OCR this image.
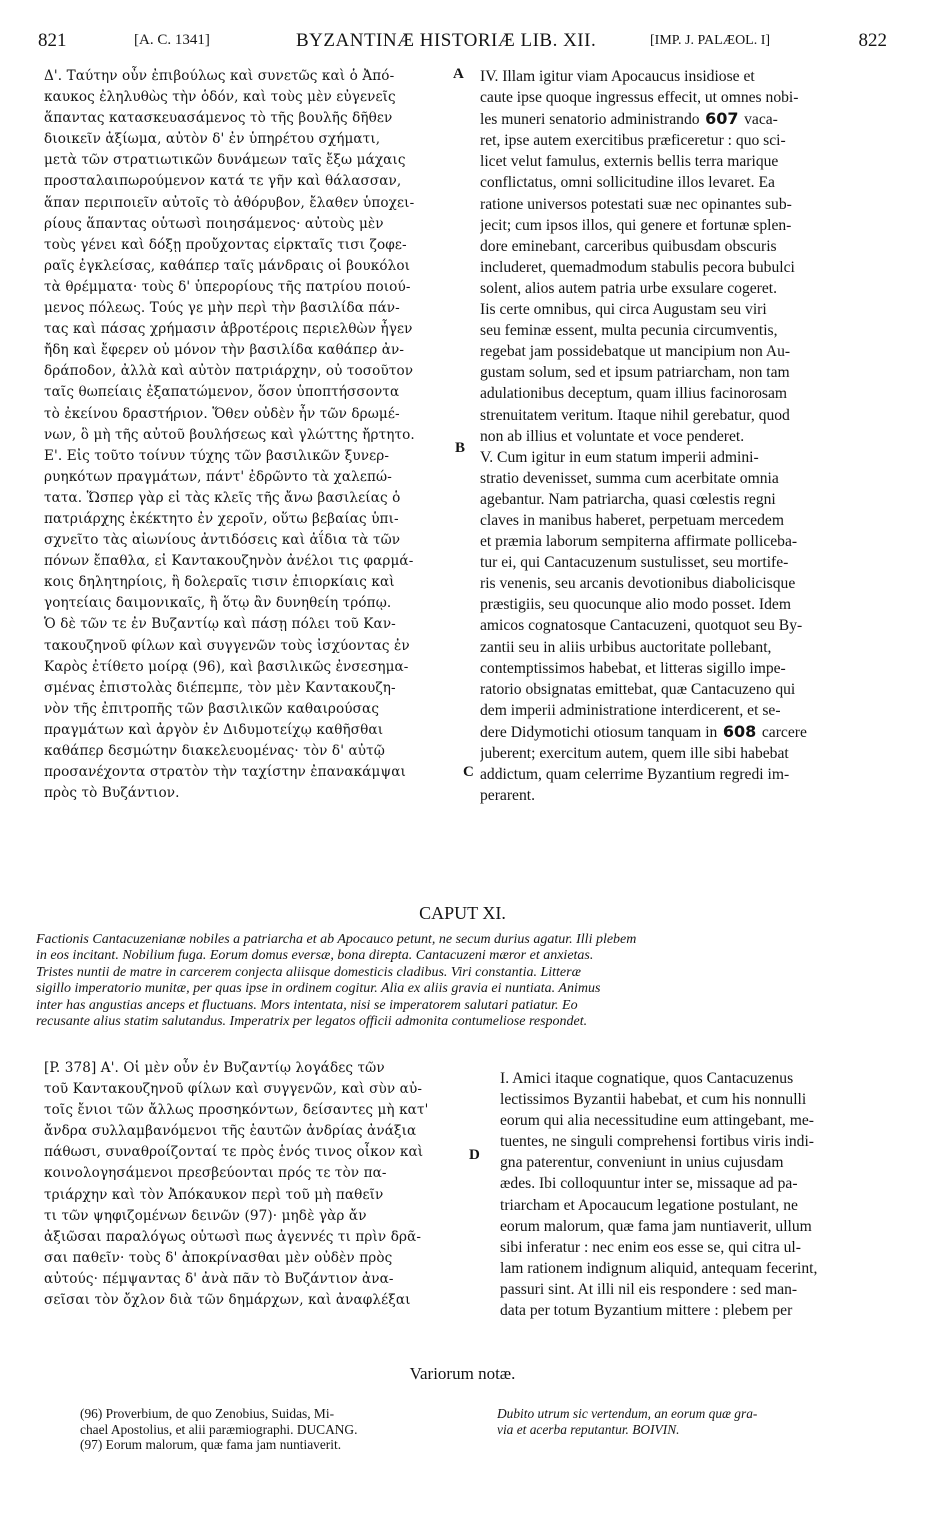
821	[A. C. 1341]	BYZANTINÆ HISTORIÆ LIB. XII.	[IMP. J. PALÆOL. I]	822
Δ'. Ταύτην οὖν ἐπιβούλως καὶ συνετῶς καὶ ὁ Ἀπό-
καυκος ἐληλυθὼς τὴν ὁδόν, καὶ τοὺς μὲν εὐγενεῖς
ἅπαντας κατασκευασάμενος τὸ τῆς βουλῆς δῆθεν
διοικεῖν ἀξίωμα, αὐτὸν δ' ἐν ὑπηρέτου σχήματι,
μετὰ τῶν στρατιωτικῶν δυνάμεων ταῖς ἔξω μάχαις
προσταλαιπωρούμενον κατά τε γῆν καὶ θάλασσαν,
ἅπαν περιποιεῖν αὐτοῖς τὸ ἀθόρυβον, ἔλαθεν ὑποχει-
ρίους ἅπαντας οὑτωσὶ ποιησάμενος· αὐτοὺς μὲν
τοὺς γένει καὶ δόξῃ προὔχοντας εἱρκταῖς τισι ζοφε-
ραῖς ἐγκλείσας, καθάπερ ταῖς μάνδραις οἱ βουκόλοι
τὰ θρέμματα· τοὺς δ' ὑπερορίους τῆς πατρίου ποιού-
μενος πόλεως. Τούς γε μὴν περὶ τὴν βασιλίδα πάν-
τας καὶ πάσας χρήμασιν ἁβροτέροις περιελθὼν ἦγεν
ἤδη καὶ ἔφερεν οὐ μόνον τὴν βασιλίδα καθάπερ ἀν-
δράποδον, ἀλλὰ καὶ αὐτὸν πατριάρχην, οὐ τοσοῦτον
ταῖς θωπείαις ἐξαπατώμενον, ὅσον ὑποπτήσσοντα
τὸ ἐκείνου δραστήριον. Ὅθεν οὐδὲν ἦν τῶν δρωμέ-
νων, ὃ μὴ τῆς αὐτοῦ βουλήσεως καὶ γλώττης ἤρτητο.
Ε'. Εἰς τοῦτο τοίνυν τύχης τῶν βασιλικῶν ξυνερ-
ρυηκότων πραγμάτων, πάντ' ἐδρῶντο τὰ χαλεπώ-
τατα. Ὥσπερ γὰρ εἰ τὰς κλεῖς τῆς ἄνω βασιλείας ὁ
πατριάρχης ἐκέκτητο ἐν χεροῖν, οὕτω βεβαίας ὑπι-
σχνεῖτο τὰς αἰωνίους ἀντιδόσεις καὶ ἀΐδια τὰ τῶν
πόνων ἔπαθλα, εἰ Καντακουζηνὸν ἀνέλοι τις φαρμά-
κοις δηλητηρίοις, ἢ δολεραῖς τισιν ἐπιορκίαις καὶ
γοητείαις δαιμονικαῖς, ἢ ὅτῳ ἂν δυνηθείη τρόπῳ.
Ὁ δὲ τῶν τε ἐν Βυζαντίῳ καὶ πάσῃ πόλει τοῦ Καν-
τακουζηνοῦ φίλων καὶ συγγενῶν τοὺς ἰσχύοντας ἐν
Καρὸς ἐτίθετο μοίρᾳ (96), καὶ βασιλικῶς ἐνσεσημα-
σμένας ἐπιστολὰς διέπεμπε, τὸν μὲν Καντακουζη-
νὸν τῆς ἐπιτροπῆς τῶν βασιλικῶν καθαιρούσας
πραγμάτων καὶ ἀργὸν ἐν Διδυμοτείχῳ καθῆσθαι
καθάπερ δεσμώτην διακελευομένας· τὸν δ' αὐτῷ
προσανέχοντα στρατὸν τὴν ταχίστην ἐπανακάμψαι
πρὸς τὸ Βυζάντιον.
IV. Illam igitur viam Apocaucus insidiose et
caute ipse quoque ingressus effecit, ut omnes nobi-
les muneri senatorio administrando 607 vaca-
ret, ipse autem exercitibus præficeretur : quo sci-
licet velut famulus, externis bellis terra marique
conflictatus, omni sollicitudine illos levaret. Ea
ratione universos potestati suæ nec opinantes sub-
jecit; cum ipsos illos, qui genere et fortunæ splen-
dore eminebant, carceribus quibusdam obscuris
includeret, quemadmodum stabulis pecora bubulci
solent, alios autem patria urbe exsulare cogeret.
Iis certe omnibus, qui circa Augustam seu viri
seu feminæ essent, multa pecunia circumventis,
regebat jam possidebatque ut mancipium non Au-
gustam solum, sed et ipsum patriarcham, non tam
adulationibus deceptum, quam illius facinorosam
strenuitatem veritum. Itaque nihil gerebatur, quod
non ab illius et voluntate et voce penderet.
V. Cum igitur in eum statum imperii admini-
stratio devenisset, summa cum acerbitate omnia
agebantur. Nam patriarcha, quasi cœlestis regni
claves in manibus haberet, perpetuam mercedem
et præmia laborum sempiterna affirmate pollicеba-
tur ei, qui Cantacuzenum sustulisset, seu mortife-
ris venenis, seu arcanis devotionibus diabolicisque
præstigiis, seu quocunque alio modo posset. Idem
amicos cognatosque Cantacuzeni, quotquot seu By-
zantii seu in aliis urbibus auctoritate pollebant,
contemptissimos habebat, et litteras sigillo impe-
ratorio obsignatas emittebat, quæ Cantacuzeno qui
dem imperii administratione interdicerent, et se-
dere Didymotichi otiosum tanquam in 608 carcere
juberent; exercitum autem, quem ille sibi habebat
addictum, quam celerrime Byzantium regredi im-
perarent.
A
B
C
D
CAPUT XI.
Factionis Cantacuzenianæ nobiles a patriarcha et ab Apocauco petunt, ne secum durius agatur. Illi plebem
in eos incitant. Nobilium fuga. Eorum domus eversæ, bona direpta. Cantacuzeni mæror et anxietas.
Tristes nuntii de matre in carcerem conjecta aliisque domesticis cladibus. Viri constantia. Litteræ
sigillo imperatorio munitæ, per quas ipse in ordinem cogitur. Alia ex aliis gravia ei nuntiata. Animus
inter has angustias anceps et fluctuans. Mors intentata, nisi se imperatorem salutari patiatur. Eo
recusante alius statim salutandus. Imperatrix per legatos officii admonita contumeliose respondet.
[P. 378] Α'. Οἱ μὲν οὖν ἐν Βυζαντίῳ λογάδες τῶν
τοῦ Καντακουζηνοῦ φίλων καὶ συγγενῶν, καὶ σὺν αὐ-
τοῖς ἔνιοι τῶν ἄλλως προσηκόντων, δείσαντες μὴ κατ'
ἄνδρα συλλαμβανόμενοι τῆς ἑαυτῶν ἀνδρίας ἀνάξια
πάθωσι, συναθροίζονταί τε πρὸς ἑνός τινος οἶκον καὶ
κοινολογησάμενοι πρεσβεύονται πρός τε τὸν πα-
τριάρχην καὶ τὸν Ἀπόκαυκον περὶ τοῦ μὴ παθεῖν
τι τῶν ψηφιζομένων δεινῶν (97)· μηδὲ γὰρ ἄν
ἀξιῶσαι παραλόγως οὑτωσὶ πως ἀγεννές τι πρὶν δρᾶ-
σαι παθεῖν· τοὺς δ' ἀποκρίνασθαι μὲν οὐδὲν πρὸς
αὐτούς· πέμψαντας δ' ἀνὰ πᾶν τὸ Βυζάντιον ἀνα-
σεῖσαι τὸν ὄχλον διὰ τῶν δημάρχων, καὶ ἀναφλέξαι
I. Amici itaque cognatique, quos Cantacuzenus
lectissimos Byzantii habebat, et cum his nonnulli
eorum qui alia necessitudine eum attingebant, me-
tuentes, ne singuli comprehensi fortibus viris indi-
gna paterentur, conveniunt in unius cujusdam
ædes. Ibi colloquuntur inter se, missaque ad pa-
triarcham et Apocaucum legatione postulant, ne
eorum malorum, quæ fama jam nuntiaverit, ullum
sibi inferatur : nec enim eos esse se, qui citra ul-
lam rationem indignum aliquid, antequam fecerint,
passuri sint. At illi nil eis respondere : sed man-
data per totum Byzantium mittere : plebem per
Variorum notæ.
(96) Proverbium, de quo Zenobius, Suidas, Mi-
chael Apostolius, et alii paræmiographi. DUCANG.
(97) Eorum malorum, quæ fama jam nuntiaverit.
Dubito utrum sic vertendum, an eorum quæ gra-
via et acerba reputantur. BOIVIN.
